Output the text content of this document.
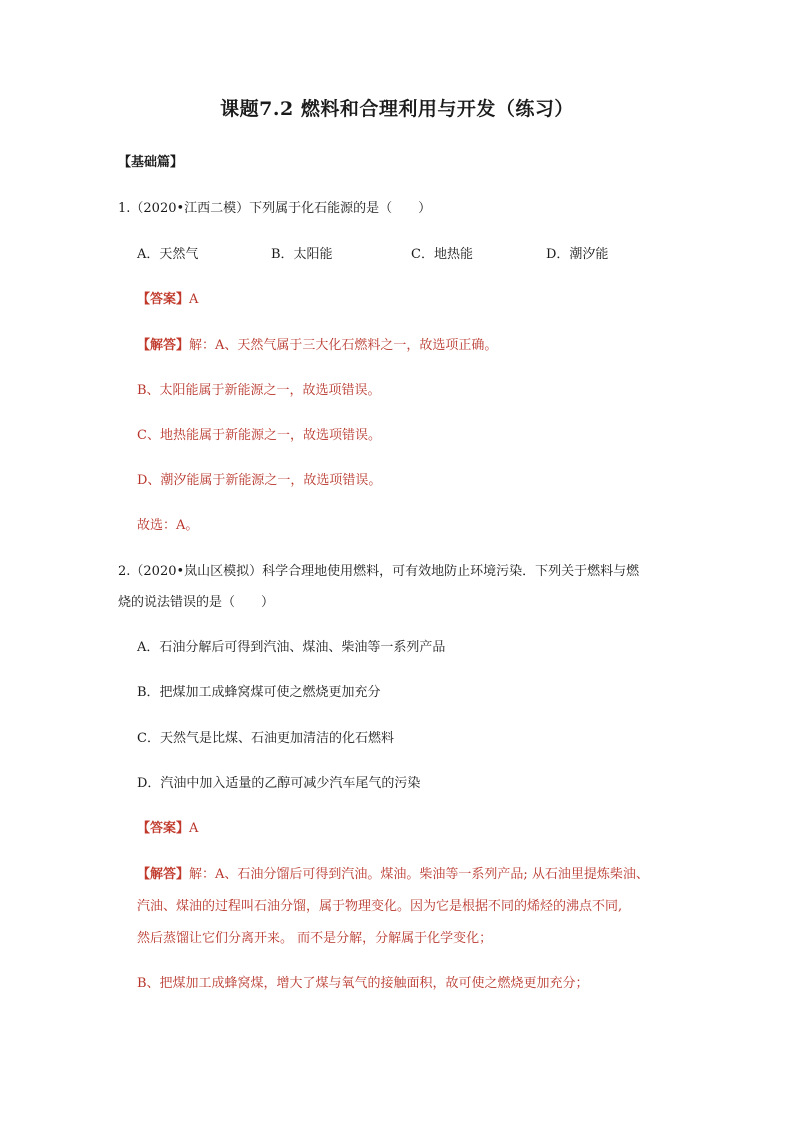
课题7.2 燃料和合理利用与开发（练习）
【基础篇】
1.（2020•江西二模）下列属于化石能源的是（　　）
A．天然气	B．太阳能	C．地热能	D．潮汐能
【答案】A
【解答】解：A、天然气属于三大化石燃料之一，故选项正确。
B、太阳能属于新能源之一，故选项错误。
C、地热能属于新能源之一，故选项错误。
D、潮汐能属于新能源之一，故选项错误。
故选：A。
2.（2020•岚山区模拟）科学合理地使用燃料，可有效地防止环境污染．下列关于燃料与燃
烧的说法错误的是（　　）
A．石油分解后可得到汽油、煤油、柴油等一系列产品
B．把煤加工成蜂窝煤可使之燃烧更加充分
C．天然气是比煤、石油更加清洁的化石燃料
D．汽油中加入适量的乙醇可减少汽车尾气的污染
【答案】A
【解答】解：A、石油分馏后可得到汽油。煤油。柴油等一系列产品; 从石油里提炼柴油、
汽油、煤油的过程叫石油分馏，属于物理变化。因为它是根据不同的烯烃的沸点不同,
然后蒸馏让它们分离开来。 而不是分解，分解属于化学变化；
B、把煤加工成蜂窝煤，增大了煤与氧气的接触面积，故可使之燃烧更加充分；
